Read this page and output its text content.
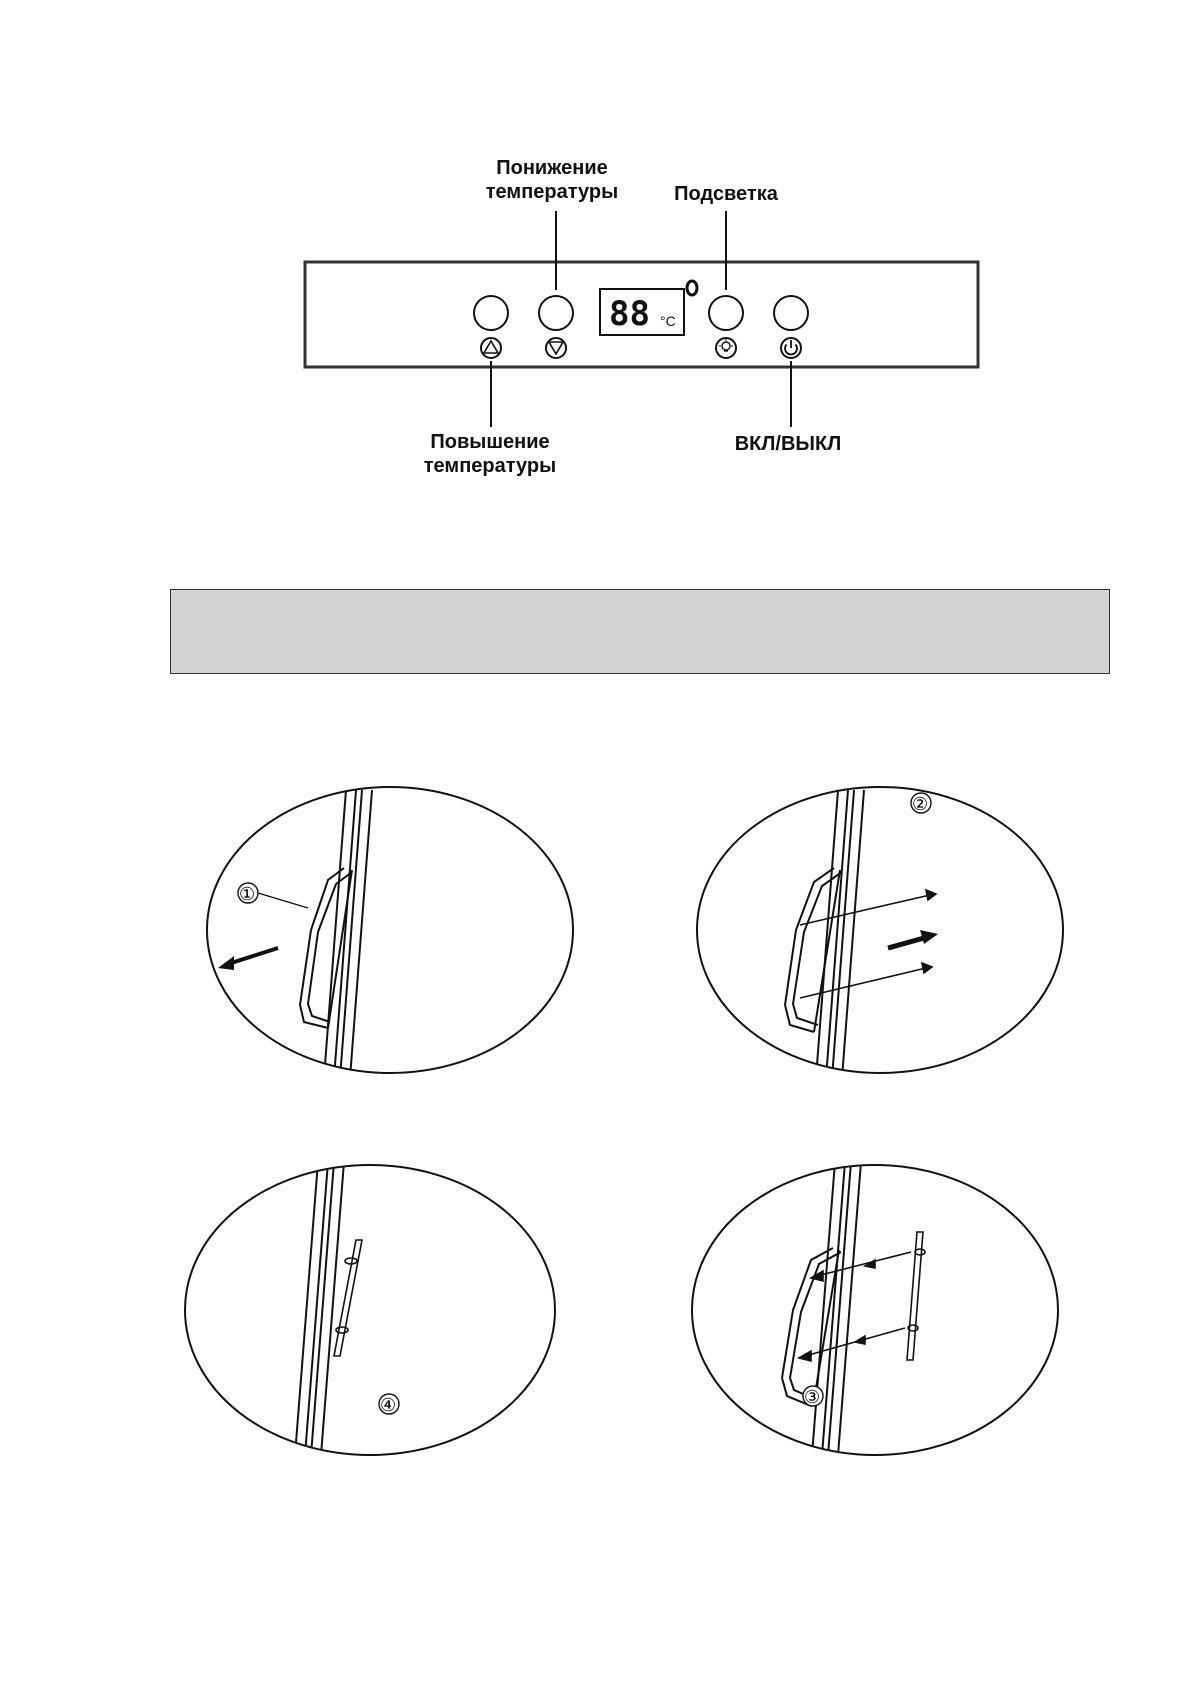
Понижение
температуры	Подсветка
Повышение
температуры
ВКЛ/ВЫКЛ
88 °C
①
②
④	③
